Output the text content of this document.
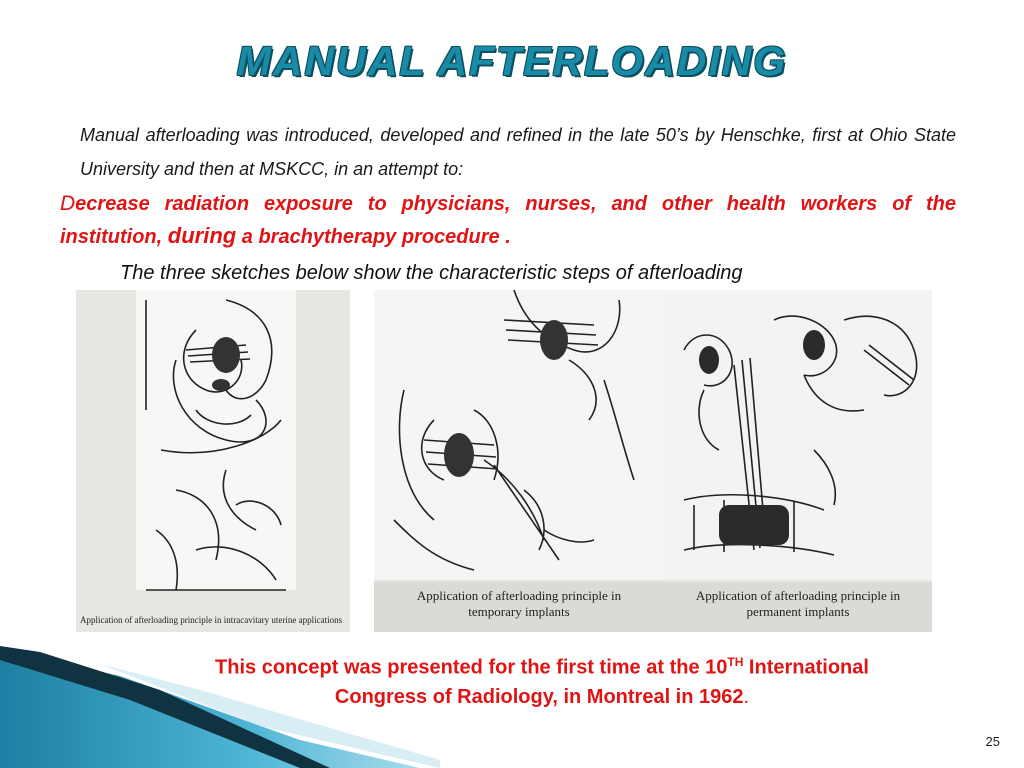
MANUAL AFTERLOADING
Manual afterloading was introduced, developed and refined in the late 50’s by Henschke, first at Ohio State University and then at MSKCC, in an attempt to:
Decrease radiation exposure to physicians, nurses, and other health workers of the institution, during a brachytherapy procedure .
The three sketches below show the characteristic steps of afterloading
Application of afterloading principle in intracavitary uterine applications
Application of afterloading principle in
temporary implants
Application of afterloading principle in
permanent implants
This concept was presented for the first time at the 10TH International
Congress of Radiology, in Montreal in 1962.
25
